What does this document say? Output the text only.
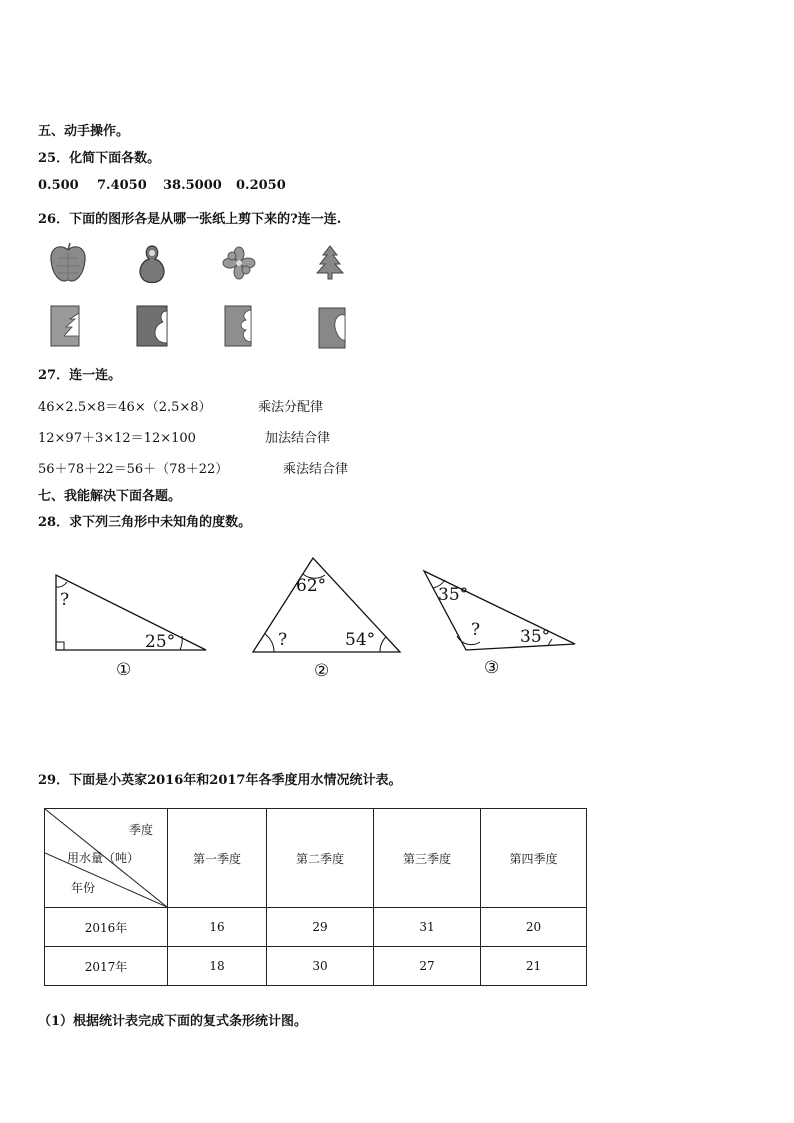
五、动手操作。
25．化简下面各数。
0.500 7.4050 38.5000 0.2050
26．下面的图形各是从哪一张纸上剪下来的?连一连.
27．连一连。
46×2.5×8＝46×（2.5×8）	乘法分配律
12×97＋3×12＝12×100	加法结合律
56＋78＋22＝56＋（78＋22）	乘法结合律
七、我能解决下面各题。
28．求下列三角形中未知角的度数。
?
25°
①
62°
?	54°
②
35°
? 35°
③
29．下面是小英家2016年和2017年各季度用水情况统计表。
季度
用水量（吨）
年份	第一季度	第二季度	第三季度	第四季度
2016年	16	29	31	20
2017年	18	30	27	21
（1）根据统计表完成下面的复式条形统计图。
